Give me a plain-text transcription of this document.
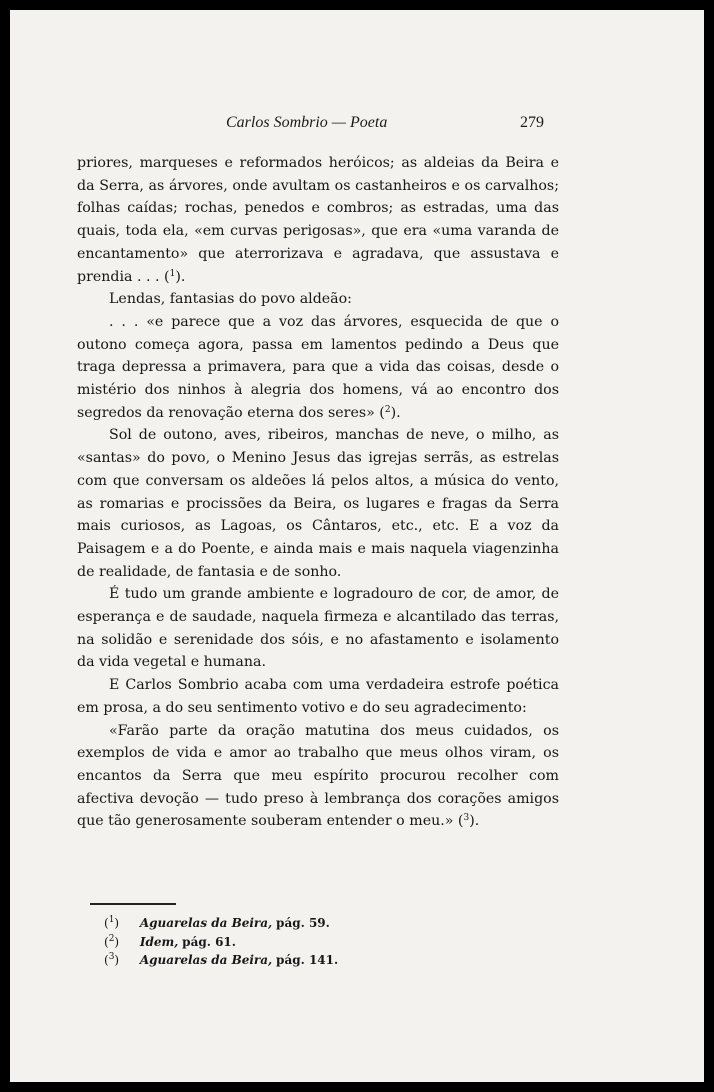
Carlos Sombrio — Poeta	279

priores, marqueses e reformados heróicos; as aldeias da Beira e da Serra, as árvores, onde avultam os castanheiros e os carvalhos; folhas caídas; rochas, penedos e combros; as estradas, uma das quais, toda ela, «em curvas perigosas», que era «uma varanda de encantamento» que aterrorizava e agradava, que assustava e prendia . . . ($^1$).

Lendas, fantasias do povo aldeão:

. . . «e parece que a voz das árvores, esquecida de que o outono começa agora, passa em lamentos pedindo a Deus que traga depressa a primavera, para que a vida das coisas, desde o mistério dos ninhos à alegria dos homens, vá ao encontro dos segredos da renovação eterna dos seres» ($^2$).

Sol de outono, aves, ribeiros, manchas de neve, o milho, as «santas» do povo, o Menino Jesus das igrejas serrãs, as estrelas com que conversam os aldeões lá pelos altos, a música do vento, as romarias e procissões da Beira, os lugares e fragas da Serra mais curiosos, as Lagoas, os Cântaros, etc., etc. E a voz da Paisagem e a do Poente, e ainda mais e mais naquela viagenzinha de realidade, de fantasia e de sonho.

É tudo um grande ambiente e logradouro de cor, de amor, de esperança e de saudade, naquela firmeza e alcantilado das terras, na solidão e serenidade dos sóis, e no afastamento e isolamento da vida vegetal e humana.

E Carlos Sombrio acaba com uma verdadeira estrofe poética em prosa, a do seu sentimento votivo e do seu agradecimento:

«Farão parte da oração matutina dos meus cuidados, os exemplos de vida e amor ao trabalho que meus olhos viram, os encantos da Serra que meu espírito procurou recolher com afectiva devoção — tudo preso à lembrança dos corações amigos que tão generosamente souberam entender o meu.» ($^3$).

($^1$) Aguarelas da Beira, pág. 59.
($^2$) Idem, pág. 61.
($^3$) Aguarelas da Beira, pág. 141.
